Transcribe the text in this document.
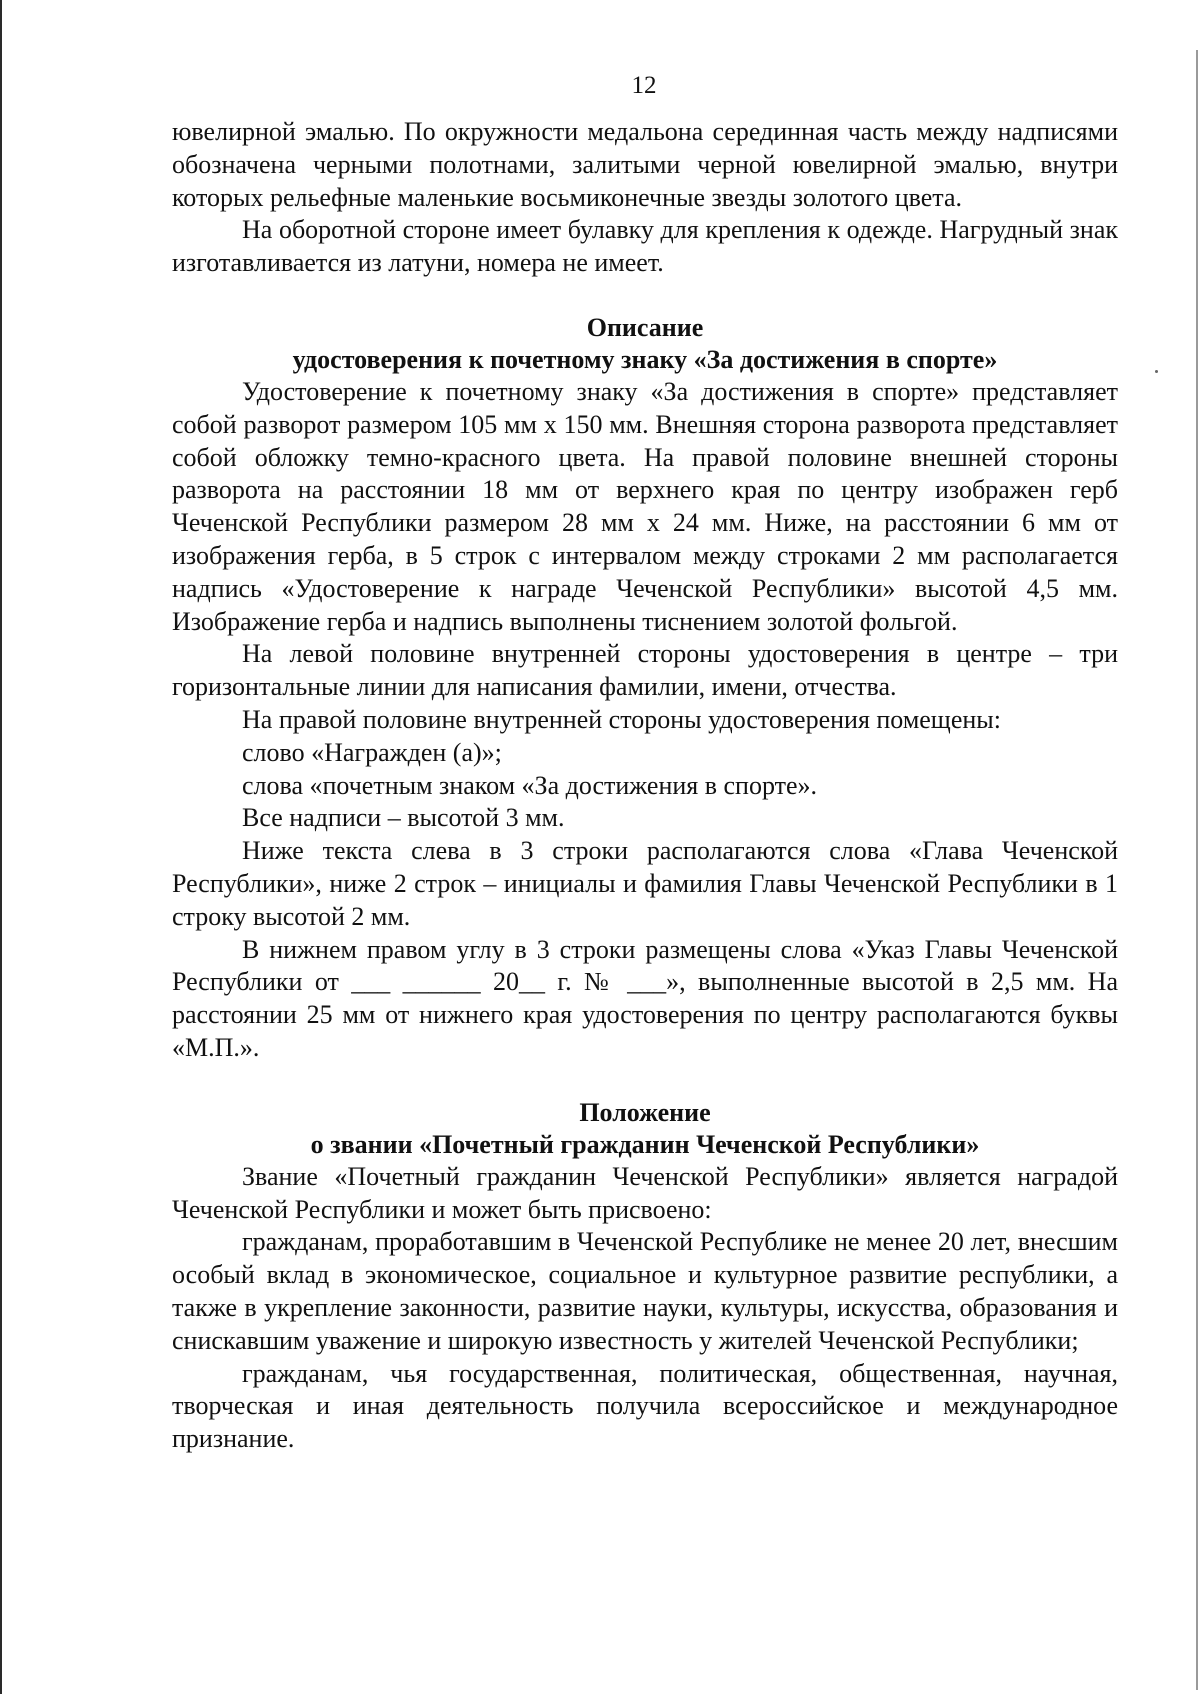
12

ювелирной эмалью. По окружности медальона серединная часть между надписями обозначена черными полотнами, залитыми черной ювелирной эмалью, внутри которых рельефные маленькие восьмиконечные звезды золотого цвета.

На оборотной стороне имеет булавку для крепления к одежде. Нагрудный знак изготавливается из латуни, номера не имеет.

Описание
удостоверения к почетному знаку «За достижения в спорте»

Удостоверение к почетному знаку «За достижения в спорте» представляет собой разворот размером 105 мм х 150 мм. Внешняя сторона разворота представляет собой обложку темно-красного цвета. На правой половине внешней стороны разворота на расстоянии 18 мм от верхнего края по центру изображен герб Чеченской Республики размером 28 мм х 24 мм. Ниже, на расстоянии 6 мм от изображения герба, в 5 строк с интервалом между строками 2 мм располагается надпись «Удостоверение к награде Чеченской Республики» высотой 4,5 мм. Изображение герба и надпись выполнены тиснением золотой фольгой.

На левой половине внутренней стороны удостоверения в центре – три горизонтальные линии для написания фамилии, имени, отчества.

На правой половине внутренней стороны удостоверения помещены:

слово «Награжден (а)»;

слова «почетным знаком «За достижения в спорте».

Все надписи – высотой 3 мм.

Ниже текста слева в 3 строки располагаются слова «Глава Чеченской Республики», ниже 2 строк – инициалы и фамилия Главы Чеченской Республики в 1 строку высотой 2 мм.

В нижнем правом углу в 3 строки размещены слова «Указ Главы Чеченской Республики от ___ ______ 20__ г. № ___», выполненные высотой в 2,5 мм. На расстоянии 25 мм от нижнего края удостоверения по центру располагаются буквы «М.П.».

Положение
о звании «Почетный гражданин Чеченской Республики»

Звание «Почетный гражданин Чеченской Республики» является наградой Чеченской Республики и может быть присвоено:

гражданам, проработавшим в Чеченской Республике не менее 20 лет, внесшим особый вклад в экономическое, социальное и культурное развитие республики, а также в укрепление законности, развитие науки, культуры, искусства, образования и снискавшим уважение и широкую известность у жителей Чеченской Республики;

гражданам, чья государственная, политическая, общественная, научная, творческая и иная деятельность получила всероссийское и международное признание.
